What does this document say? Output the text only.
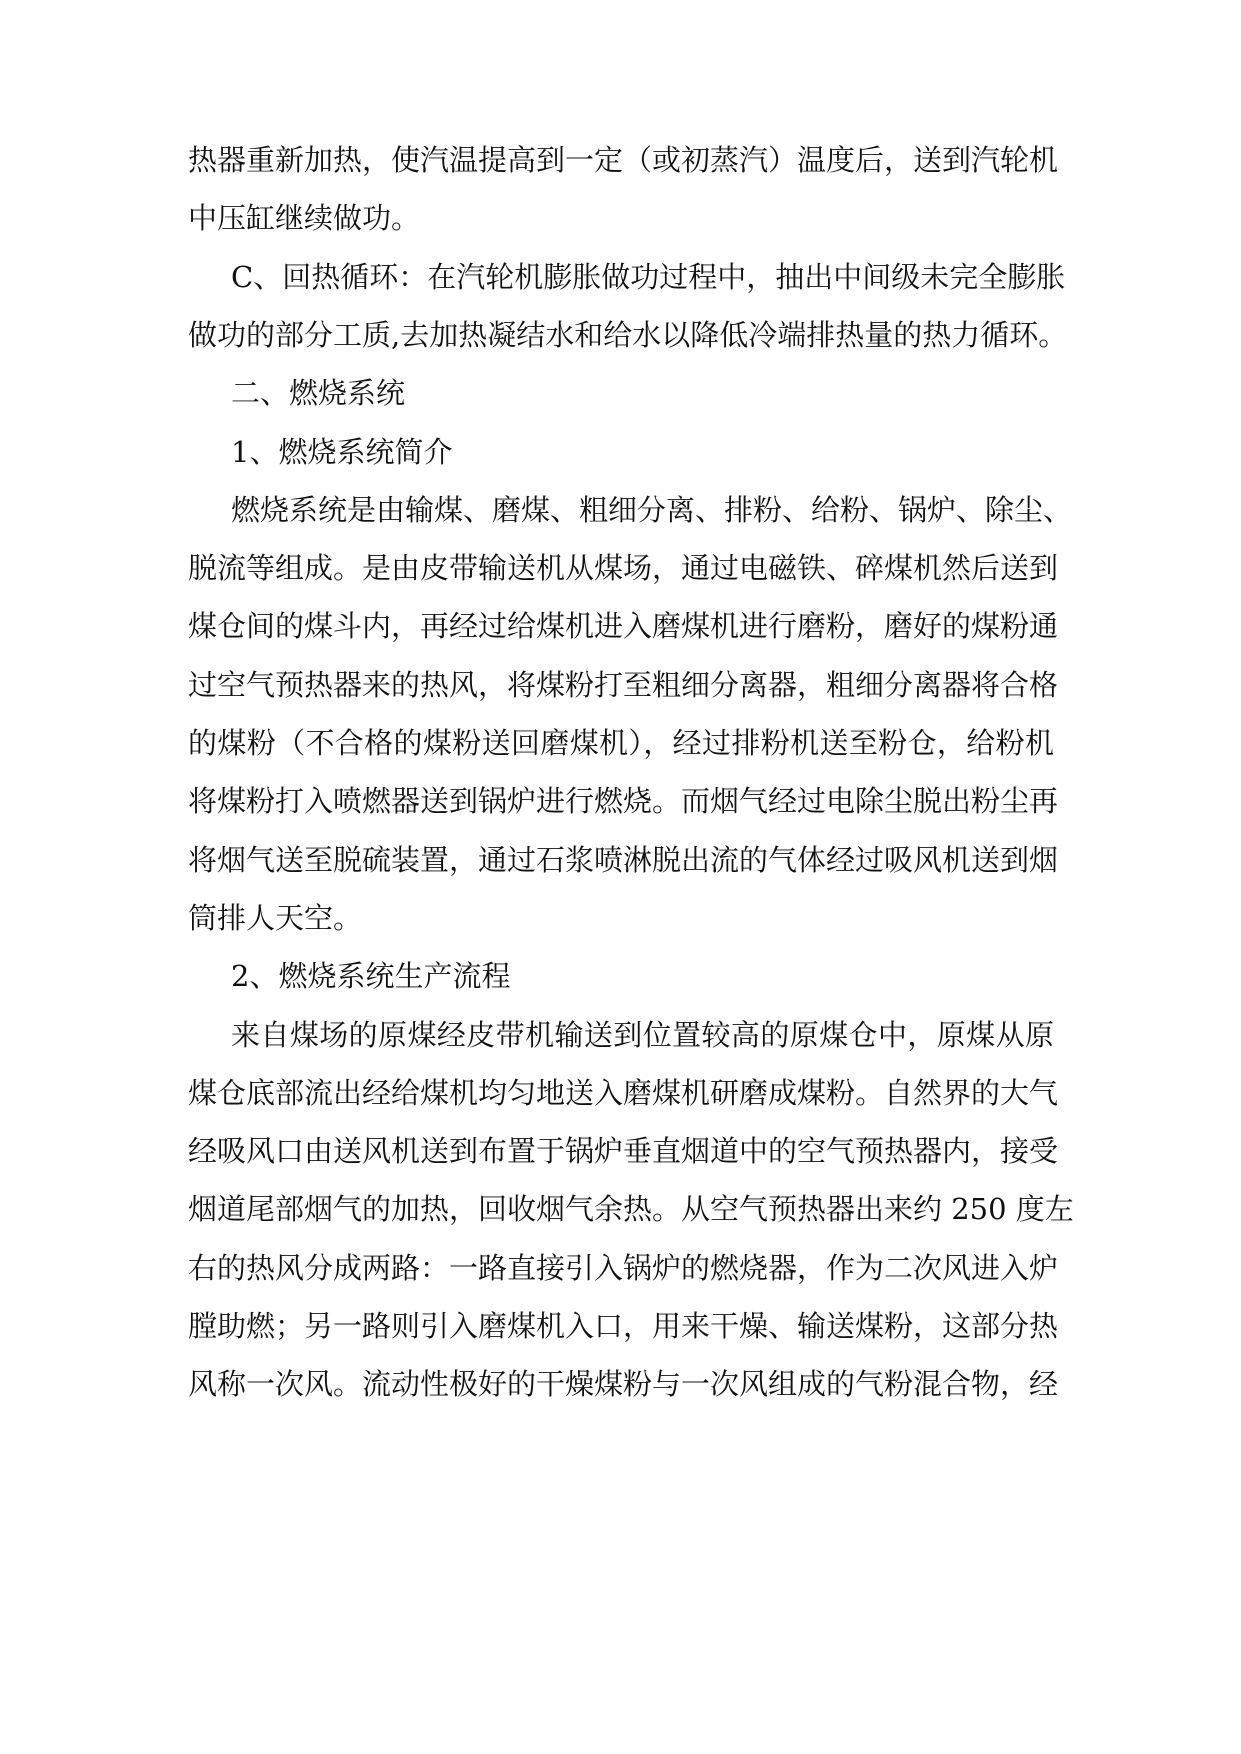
热器重新加热，使汽温提高到一定（或初蒸汽）温度后，送到汽轮机
中压缸继续做功。
C、回热循环：在汽轮机膨胀做功过程中，抽出中间级未完全膨胀
做功的部分工质,去加热凝结水和给水以降低冷端排热量的热力循环。
二、燃烧系统
1、燃烧系统简介
燃烧系统是由输煤、磨煤、粗细分离、排粉、给粉、锅炉、除尘、
脱流等组成。是由皮带输送机从煤场，通过电磁铁、碎煤机然后送到
煤仓间的煤斗内，再经过给煤机进入磨煤机进行磨粉，磨好的煤粉通
过空气预热器来的热风，将煤粉打至粗细分离器，粗细分离器将合格
的煤粉（不合格的煤粉送回磨煤机），经过排粉机送至粉仓，给粉机
将煤粉打入喷燃器送到锅炉进行燃烧。而烟气经过电除尘脱出粉尘再
将烟气送至脱硫装置，通过石浆喷淋脱出流的气体经过吸风机送到烟
筒排人天空。
2、燃烧系统生产流程
来自煤场的原煤经皮带机输送到位置较高的原煤仓中，原煤从原
煤仓底部流出经给煤机均匀地送入磨煤机研磨成煤粉。自然界的大气
经吸风口由送风机送到布置于锅炉垂直烟道中的空气预热器内，接受
烟道尾部烟气的加热，回收烟气余热。从空气预热器出来约 250 度左
右的热风分成两路：一路直接引入锅炉的燃烧器，作为二次风进入炉
膛助燃；另一路则引入磨煤机入口，用来干燥、输送煤粉，这部分热
风称一次风。流动性极好的干燥煤粉与一次风组成的气粉混合物，经
